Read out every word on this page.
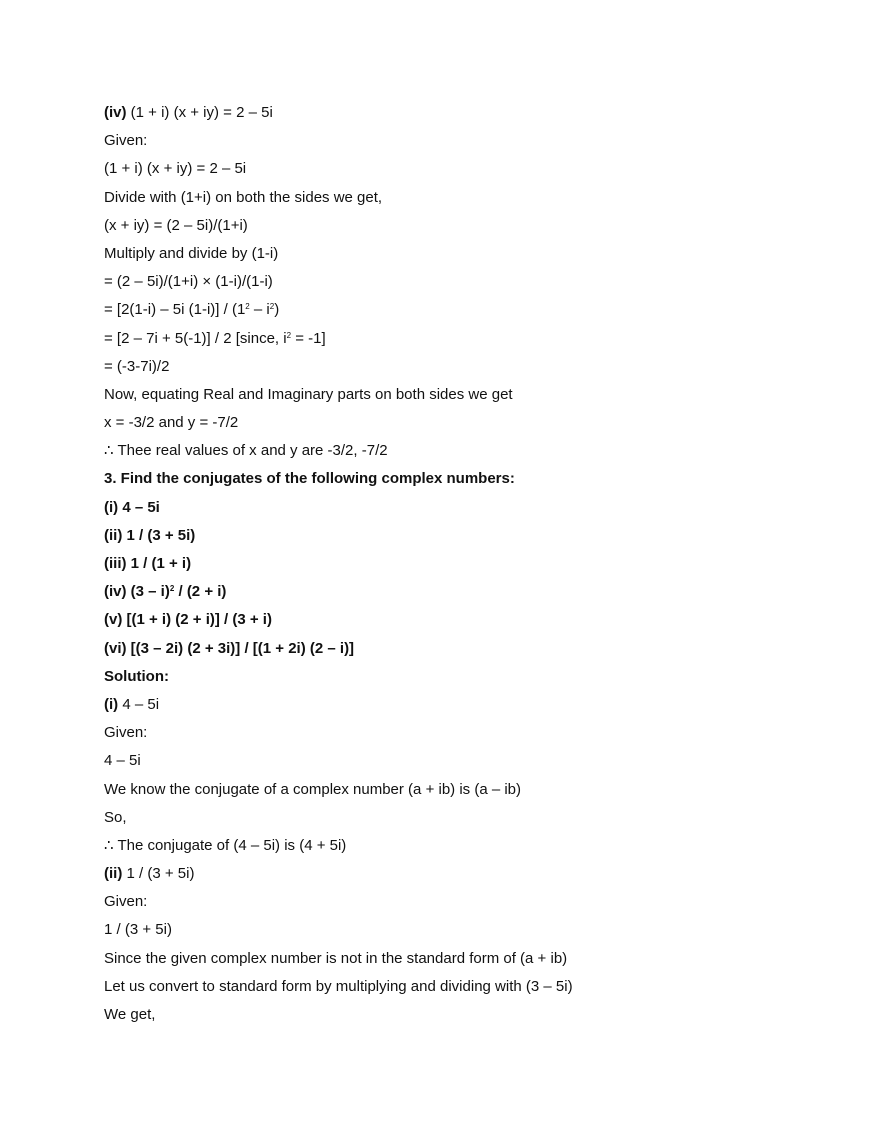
(iv) (1 + i) (x + iy) = 2 – 5i
Given:
(1 + i) (x + iy) = 2 – 5i
Divide with (1+i) on both the sides we get,
(x + iy) = (2 – 5i)/(1+i)
Multiply and divide by (1-i)
= (2 – 5i)/(1+i) × (1-i)/(1-i)
= [2(1-i) – 5i $(1-i)] / (1^2 - i^2)$
= [2 – 7i + 5(-1)] / 2 [since, $i^2 = -1$]
= (-3-7i)/2
Now, equating Real and Imaginary parts on both sides we get
x = -3/2 and y = -7/2
∴ Thee real values of x and y are -3/2, -7/2
3. Find the conjugates of the following complex numbers:
(i) 4 – 5i
(ii) 1 / (3 + 5i)
(iii) 1 / (1 + i)
(iv) (3 – i)$^2$ / (2 + i)
(v) [(1 + i) (2 + i)] / (3 + i)
(vi) [(3 – 2i) (2 + 3i)] / [(1 + 2i) (2 – i)]
Solution:
(i) 4 – 5i
Given:
4 – 5i
We know the conjugate of a complex number (a + ib) is (a – ib)
So,
∴ The conjugate of (4 – 5i) is (4 + 5i)
(ii) 1 / (3 + 5i)
Given:
1 / (3 + 5i)
Since the given complex number is not in the standard form of (a + ib)
Let us convert to standard form by multiplying and dividing with (3 – 5i)
We get,
